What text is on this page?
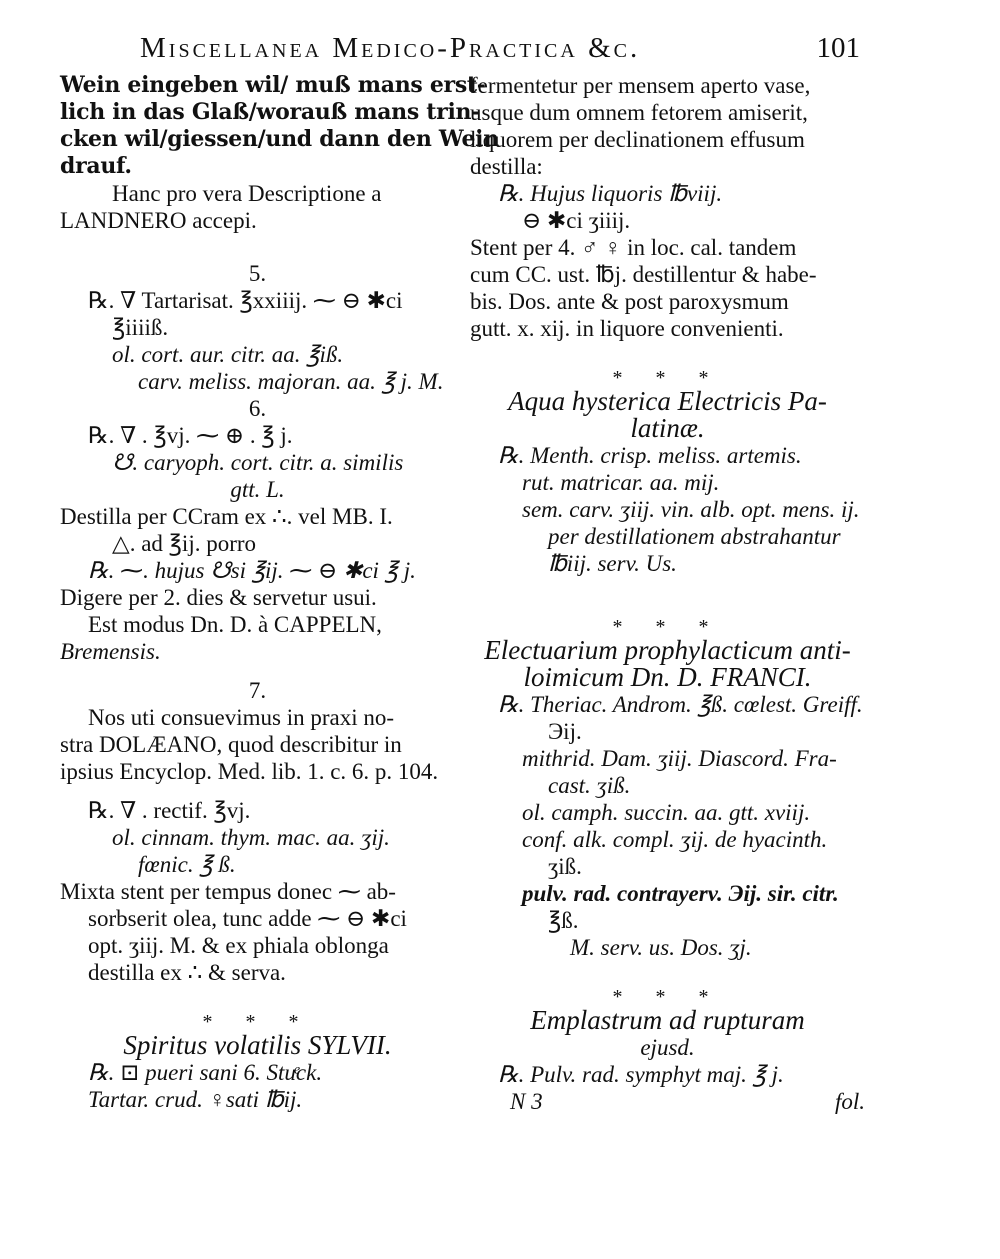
Miscellanea Medico-Practica &c.	101
Wein eingeben wil/ muß mans erst-
lich in das Glaß/worauß mans trin-
cken wil/giessen/und dann den Wein
drauf.
Hanc pro vera Descriptione a
LANDNERO accepi.
5.
℞. ∇ Tartarisat. ℥xxiiij. ⁓ ⊖ ✱ci
℥iiiiß.
ol. cort. aur. citr. aa. ℥iß.
carv. meliss. majoran. aa. ℥ j. M.
6.
℞. ∇ . ℥vj. ⁓ ⊕ . ℥ j.
☋. caryoph. cort. citr. a. similis
gtt. L.
Destilla per CCram ex ∴. vel MB. I.
△. ad ℥ij. porro
℞. ⁓. hujus ☋si ℥ij. ⁓ ⊖ ✱ci ℥ j.
Digere per 2. dies & servetur usui.
Est modus Dn. D. à CAPPELN,
Bremensis.
7.
Nos uti consuevimus in praxi no-
stra DOLÆANO, quod describitur in
ipsius Encyclop. Med. lib. 1. c. 6. p. 104.
℞. ∇ . rectif. ℥vj.
ol. cinnam. thym. mac. aa. ʒij.
fœnic. ℥ ß.
Mixta stent per tempus donec ⁓ ab-
sorbserit olea, tunc adde ⁓ ⊖ ✱ci
opt. ʒiij. M. & ex phiala oblonga
destilla ex ∴ & serva.
* * *
Spiritus volatilis SYLVII.
℞. ⊡ pueri sani 6. Stuͤck.
Tartar. crud. ♀sati ℔ij.
fermentetur per mensem aperto vase,
usque dum omnem fetorem amiserit,
liquorem per declinationem effusum
destilla:
℞. Hujus liquoris ℔viij.
⊖ ✱ci ʒiiij.
Stent per 4. ♂ ♀ in loc. cal. tandem
cum CC. ust. ℔j. destillentur & habe-
bis. Dos. ante & post paroxysmum
gutt. x. xij. in liquore convenienti.
* * *
Aqua hysterica Electricis Pa-
latinæ.
℞. Menth. crisp. meliss. artemis.
rut. matricar. aa. mij.
sem. carv. ʒiij. vin. alb. opt. mens. ij.
per destillationem abstrahantur
℔iij. serv. Us.
* * *
Electuarium prophylacticum anti-
loimicum Dn. D. FRANCI.
℞. Theriac. Androm. ℥ß. cœlest. Greiff.
Эij.
mithrid. Dam. ʒiij. Diascord. Fra-
cast. ʒiß.
ol. camph. succin. aa. gtt. xviij.
conf. alk. compl. ʒij. de hyacinth.
ʒiß.
pulv. rad. contrayerv. Эij. sir. citr.
℥ß.
M. serv. us. Dos. ʒj.
* * *
Emplastrum ad rupturam
ejusd.
℞. Pulv. rad. symphyt maj. ℥ j.
N 3	fol.
